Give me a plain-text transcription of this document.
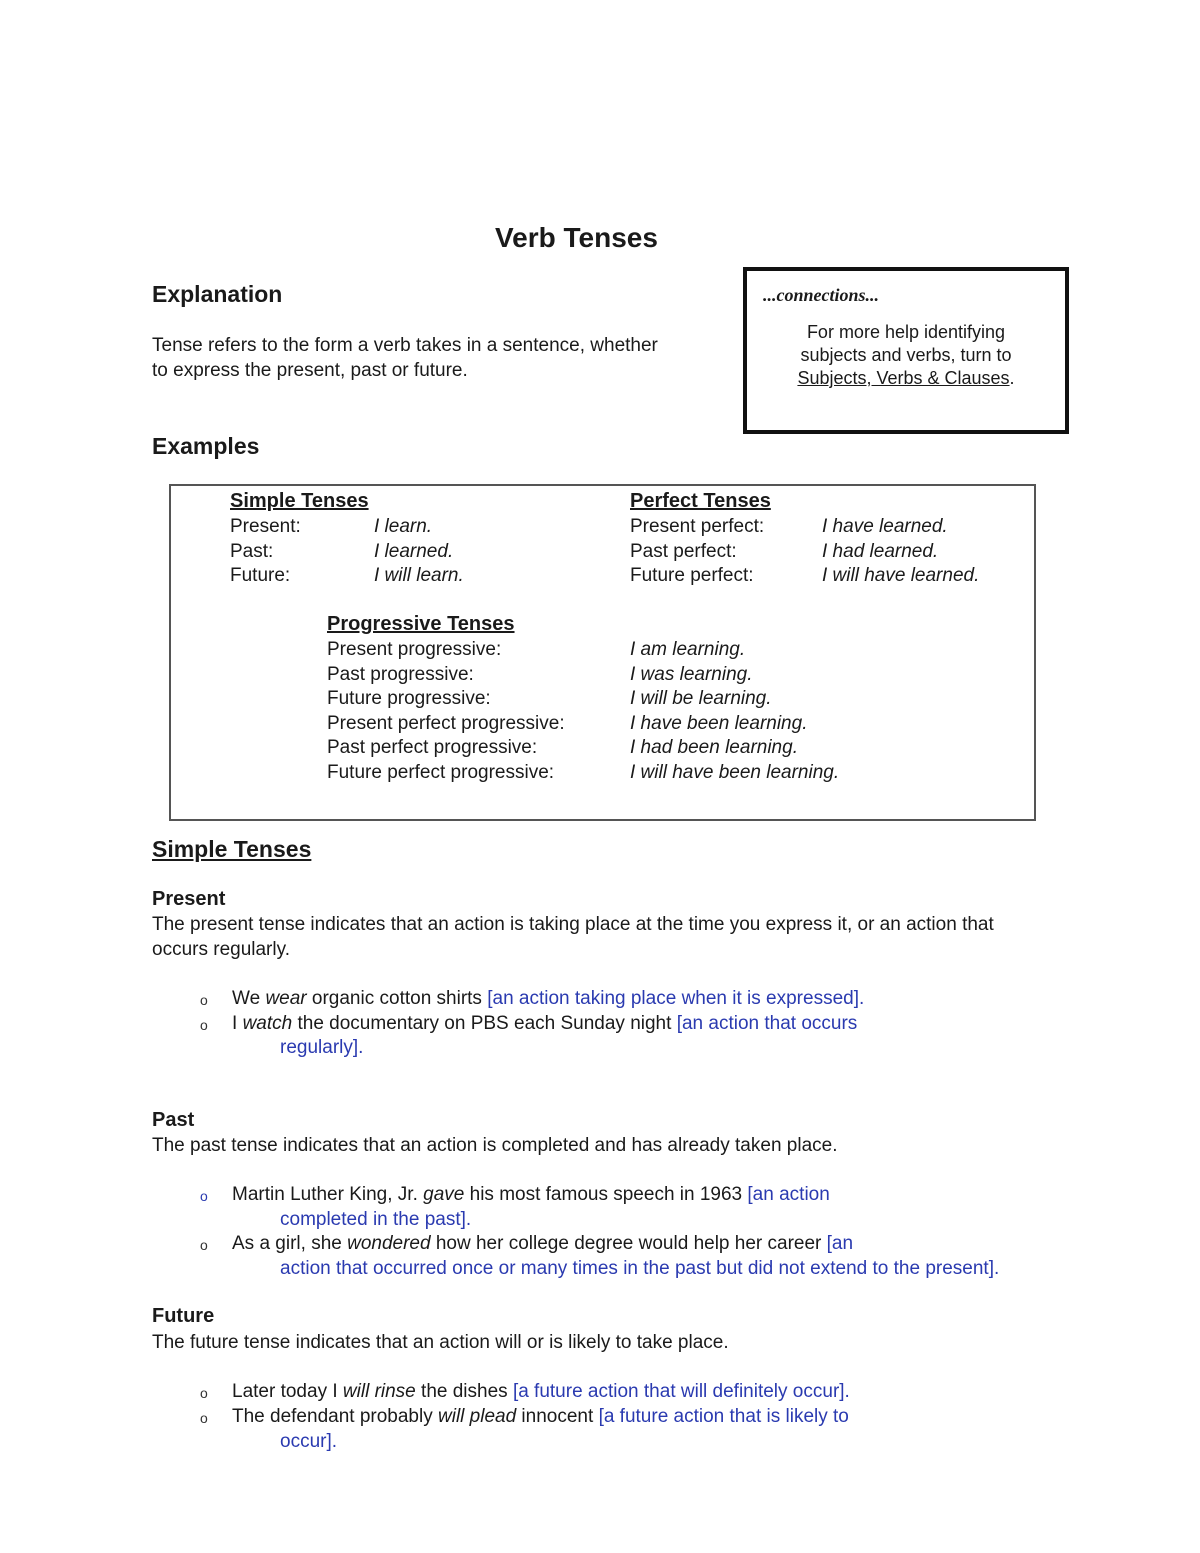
Verb Tenses
Explanation
Tense refers to the form a verb takes in a sentence, whether
to express the present, past or future.
...connections...
For more help identifying
subjects and verbs, turn to
Subjects, Verbs & Clauses.
Examples
Simple Tenses
Present:
Past:
Future:
I learn.
I learned.
I will learn.
Perfect Tenses
Present perfect:
Past perfect:
Future perfect:
I have learned.
I had learned.
I will have learned.
Progressive Tenses
Present progressive:
Past progressive:
Future progressive:
Present perfect progressive:
Past perfect progressive:
Future perfect progressive:
I am learning.
I was learning.
I will be learning.
I have been learning.
I had been learning.
I will have been learning.
Simple Tenses
Present
The present tense indicates that an action is taking place at the time you express it, or an action that
occurs regularly.
o We wear organic cotton shirts [an action taking place when it is expressed].
o I watch the documentary on PBS each Sunday night [an action that occurs
regularly].
Past
The past tense indicates that an action is completed and has already taken place.
o Martin Luther King, Jr. gave his most famous speech in 1963 [an action
completed in the past].
o As a girl, she wondered how her college degree would help her career [an
action that occurred once or many times in the past but did not extend to the present].
Future
The future tense indicates that an action will or is likely to take place.
o Later today I will rinse the dishes [a future action that will definitely occur].
o The defendant probably will plead innocent [a future action that is likely to
occur].
